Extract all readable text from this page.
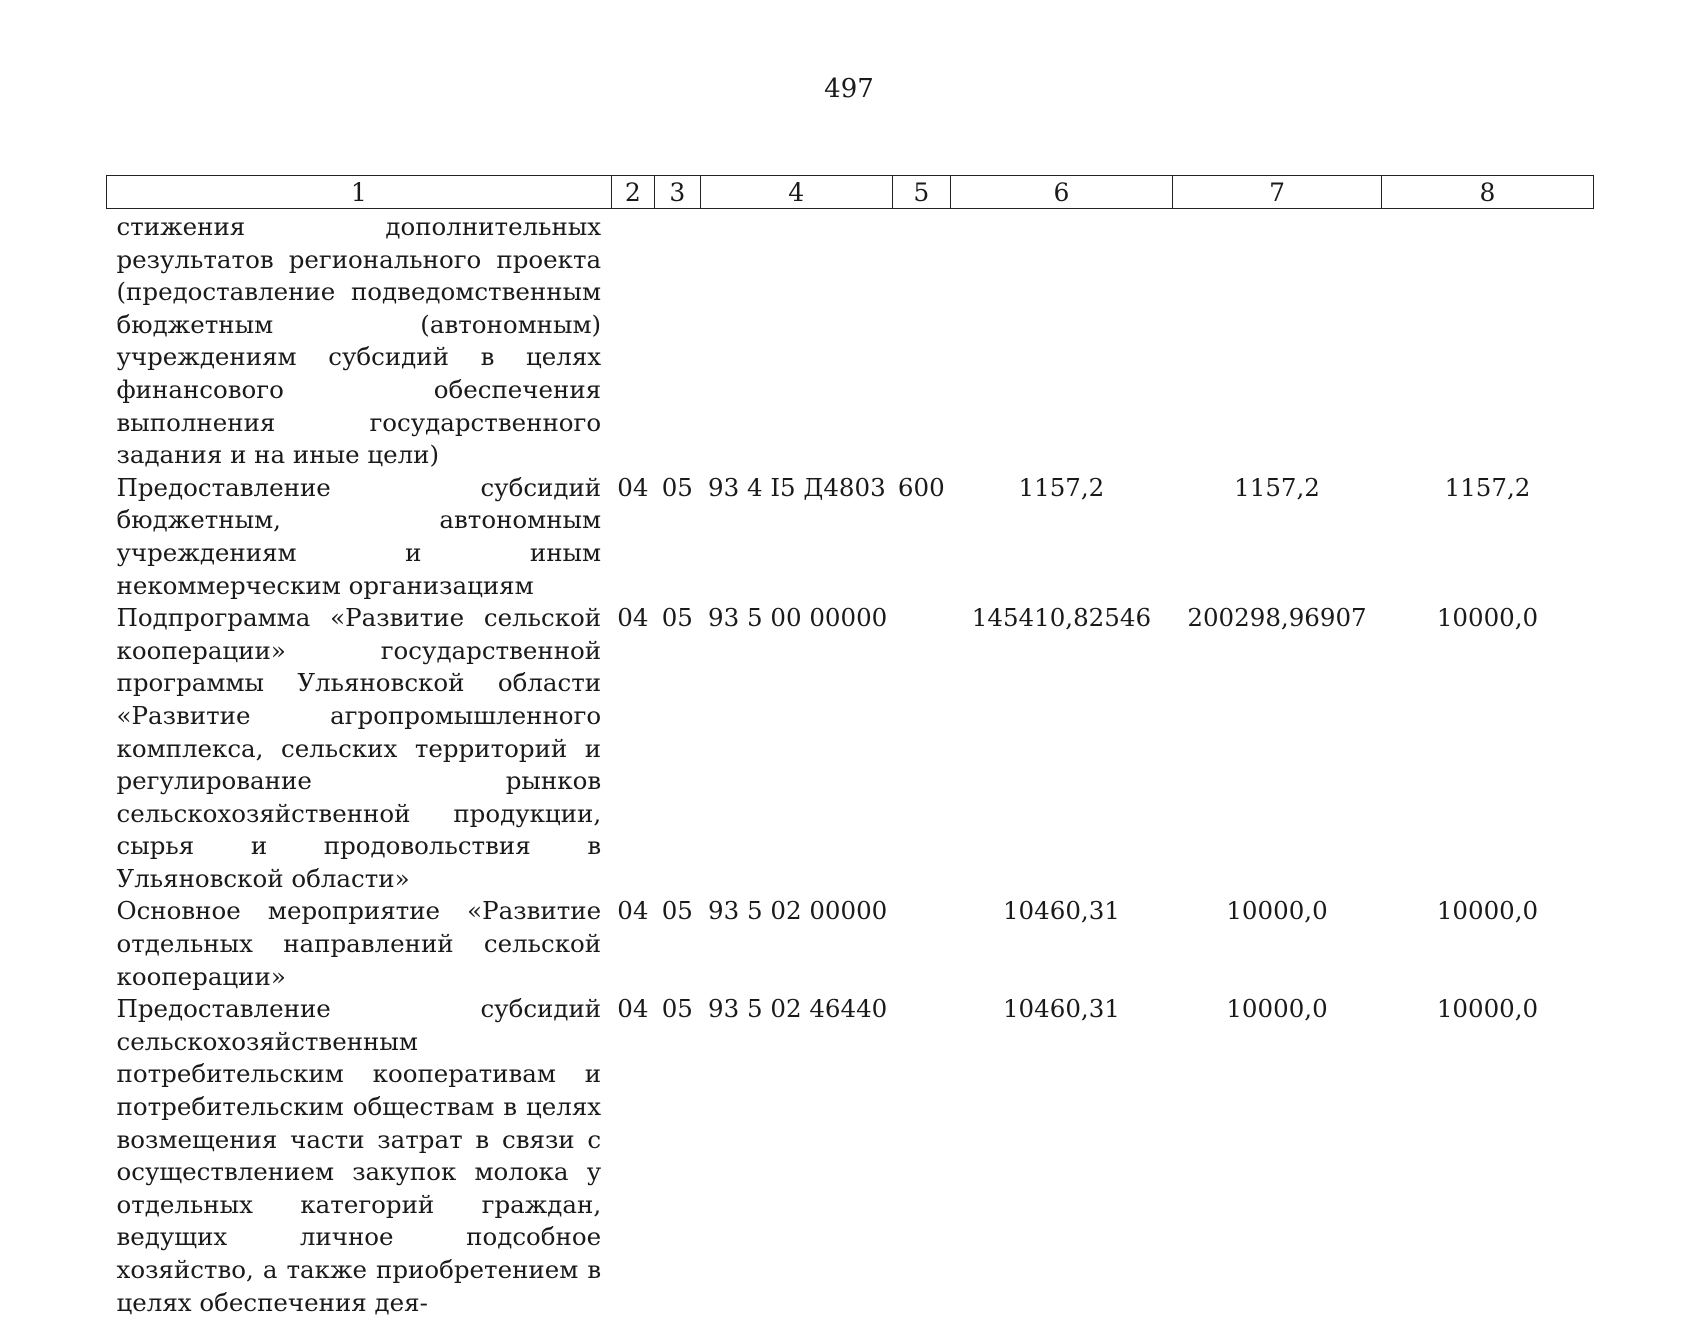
497
1	2	3	4	5	6	7	8
стижения дополнительных результатов регионального проекта (предоставление подведомственным бюджетным (автономным) учреждениям субсидий в целях финансового обеспечения выполнения государственного задания и на иные цели)							
Предоставление субсидий бюджетным, автономным учреждениям и иным некоммерческим организациям	04	05	93 4 I5 Д4803	600	1157,2	1157,2	1157,2
Подпрограмма «Развитие сельской кооперации» государственной программы Ульяновской области «Развитие агропромышленного комплекса, сельских территорий и регулирование рынков сельскохозяйственной продукции, сырья и продовольствия в Ульяновской области»	04	05	93 5 00 00000		145410,82546	200298,96907	10000,0
Основное мероприятие «Развитие отдельных направлений сельской кооперации»	04	05	93 5 02 00000		10460,31	10000,0	10000,0
Предоставление субсидий сельскохозяйственным потребительским кооперативам и потребительским обществам в целях возмещения части затрат в связи с осуществлением закупок молока у отдельных категорий граждан, ведущих личное подсобное хозяйство, а также приобретением в целях обеспечения дея-	04	05	93 5 02 46440		10460,31	10000,0	10000,0
